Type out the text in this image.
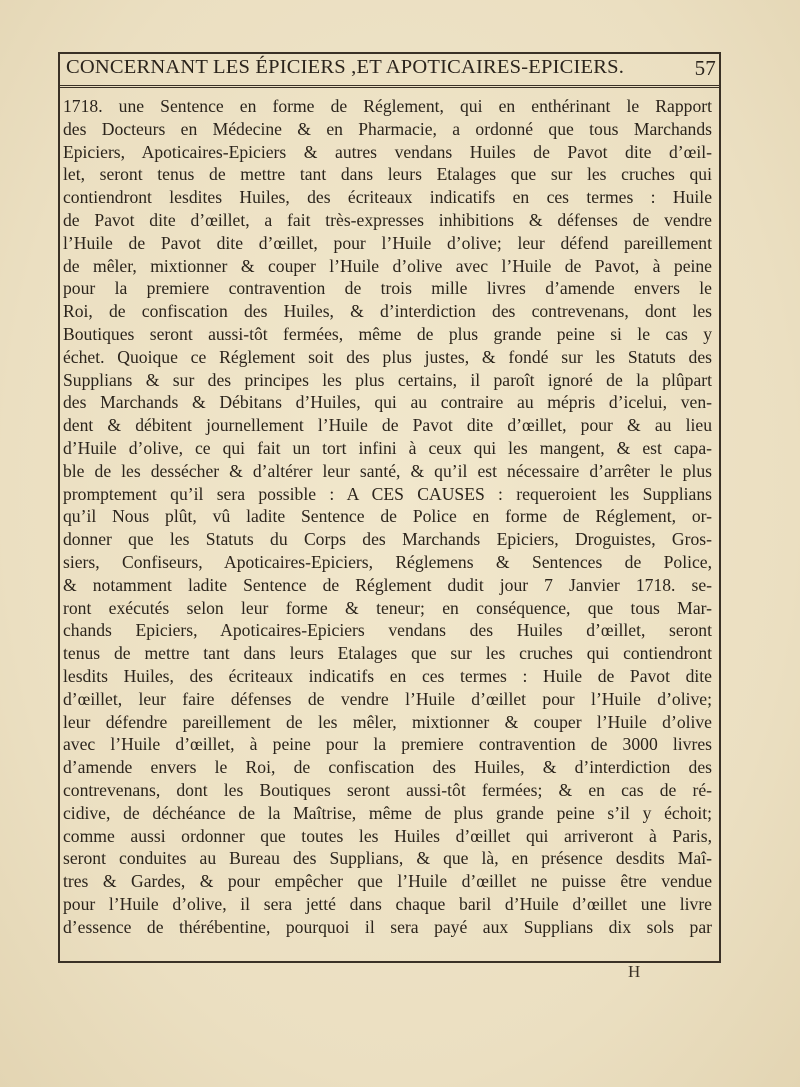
CONCERNANT LES ÉPICIERS ,ET APOTICAIRES-EPICIERS.	57
1718. une Sentence en forme de Réglement, qui en enthérinant le Rapport
des Docteurs en Médecine & en Pharmacie, a ordonné que tous Marchands
Epiciers, Apoticaires-Epiciers & autres vendans Huiles de Pavot dite d’œil-
let, seront tenus de mettre tant dans leurs Etalages que sur les cruches qui
contiendront lesdites Huiles, des écriteaux indicatifs en ces termes : Huile
de Pavot dite d’œillet, a fait très-expresses inhibitions & défenses de vendre
l’Huile de Pavot dite d’œillet, pour l’Huile d’olive; leur défend pareillement
de mêler, mixtionner & couper l’Huile d’olive avec l’Huile de Pavot, à peine
pour la premiere contravention de trois mille livres d’amende envers le
Roi, de confiscation des Huiles, & d’interdiction des contrevenans, dont les
Boutiques seront aussi-tôt fermées, même de plus grande peine si le cas y
échet. Quoique ce Réglement soit des plus justes, & fondé sur les Statuts des
Supplians & sur des principes les plus certains, il paroît ignoré de la plûpart
des Marchands & Débitans d’Huiles, qui au contraire au mépris d’icelui, ven-
dent & débitent journellement l’Huile de Pavot dite d’œillet, pour & au lieu
d’Huile d’olive, ce qui fait un tort infini à ceux qui les mangent, & est capa-
ble de les dessécher & d’altérer leur santé, & qu’il est nécessaire d’arrêter le plus
promptement qu’il sera possible : A CES CAUSES : requeroient les Supplians
qu’il Nous plût, vû ladite Sentence de Police en forme de Réglement, or-
donner que les Statuts du Corps des Marchands Epiciers, Droguistes, Gros-
siers, Confiseurs, Apoticaires-Epiciers, Réglemens & Sentences de Police,
& notamment ladite Sentence de Réglement dudit jour 7 Janvier 1718. se-
ront exécutés selon leur forme & teneur; en conséquence, que tous Mar-
chands Epiciers, Apoticaires-Epiciers vendans des Huiles d’œillet, seront
tenus de mettre tant dans leurs Etalages que sur les cruches qui contiendront
lesdits Huiles, des écriteaux indicatifs en ces termes : Huile de Pavot dite
d’œillet, leur faire défenses de vendre l’Huile d’œillet pour l’Huile d’olive;
leur défendre pareillement de les mêler, mixtionner & couper l’Huile d’olive
avec l’Huile d’œillet, à peine pour la premiere contravention de 3000 livres
d’amende envers le Roi, de confiscation des Huiles, & d’interdiction des
contrevenans, dont les Boutiques seront aussi-tôt fermées; & en cas de ré-
cidive, de déchéance de la Maîtrise, même de plus grande peine s’il y échoit;
comme aussi ordonner que toutes les Huiles d’œillet qui arriveront à Paris,
seront conduites au Bureau des Supplians, & que là, en présence desdits Maî-
tres & Gardes, & pour empêcher que l’Huile d’œillet ne puisse être vendue
pour l’Huile d’olive, il sera jetté dans chaque baril d’Huile d’œillet une livre
d’essence de thérébentine, pourquoi il sera payé aux Supplians dix sols par
H
